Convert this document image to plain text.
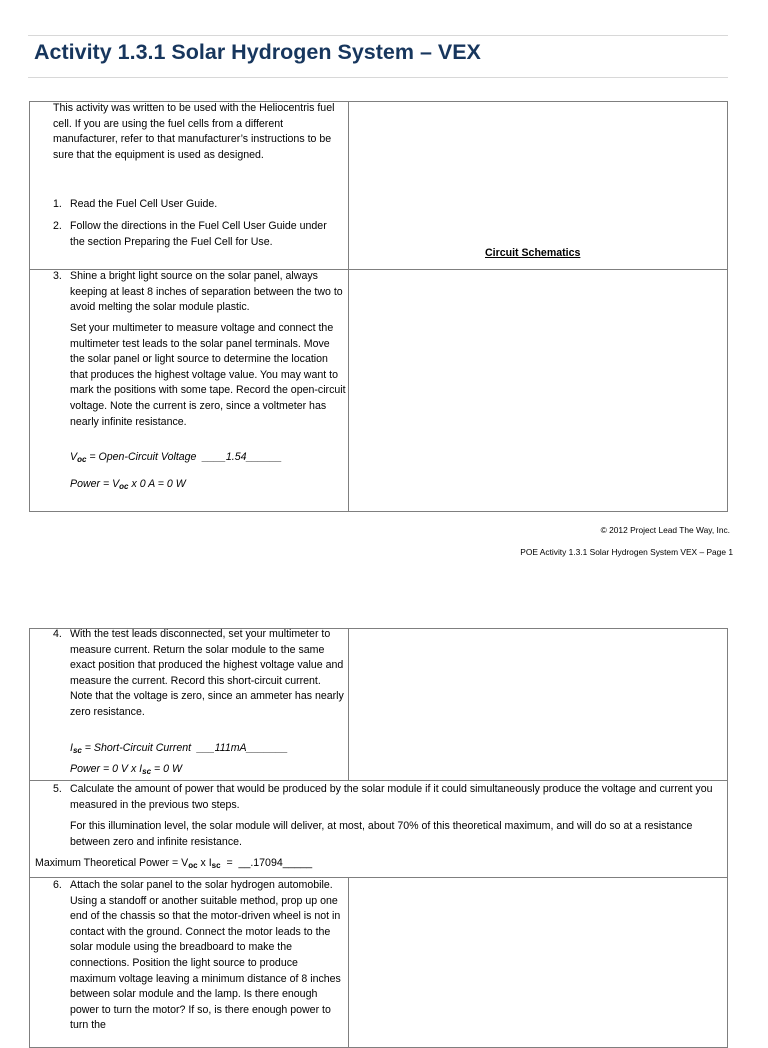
Activity 1.3.1 Solar Hydrogen System – VEX
This activity was written to be used with the Heliocentris fuel cell. If you are using the fuel cells from a different manufacturer, refer to that manufacturer’s instructions to be sure that the equipment is used as designed.
1. Read the Fuel Cell User Guide.
2. Follow the directions in the Fuel Cell User Guide under the section Preparing the Fuel Cell for Use.
Circuit Schematics
3. Shine a bright light source on the solar panel, always keeping at least 8 inches of separation between the two to avoid melting the solar module plastic.
Set your multimeter to measure voltage and connect the multimeter test leads to the solar panel terminals. Move the solar panel or light source to determine the location that produces the highest voltage value. You may want to mark the positions with some tape. Record the open-circuit voltage. Note the current is zero, since a voltmeter has nearly infinite resistance.
$V_{oc}$ = Open-Circuit Voltage  ____1.54______
Power = $V_{oc}$ x 0 A = 0 W
© 2012 Project Lead The Way, Inc.
POE Activity 1.3.1 Solar Hydrogen System VEX – Page 1
4. With the test leads disconnected, set your multimeter to measure current. Return the solar module to the same exact position that produced the highest voltage value and measure the current. Record this short-circuit current. Note that the voltage is zero, since an ammeter has nearly zero resistance.
$I_{sc}$ = Short-Circuit Current  ___111mA_______
Power = 0 V x $I_{sc} = 0$ W
5. Calculate the amount of power that would be produced by the solar module if it could simultaneously produce the voltage and current you measured in the previous two steps.
For this illumination level, the solar module will deliver, at most, about 70% of this theoretical maximum, and will do so at a resistance between zero and infinite resistance.
Maximum Theoretical Power = $V_{oc}$ x $I_{sc}$  =  __.17094_____
6. Attach the solar panel to the solar hydrogen automobile. Using a standoff or another suitable method, prop up one end of the chassis so that the motor-driven wheel is not in contact with the ground. Connect the motor leads to the solar module using the breadboard to make the connections. Position the light source to produce maximum voltage leaving a minimum distance of 8 inches between solar module and the lamp. Is there enough power to turn the motor? If so, is there enough power to turn the
